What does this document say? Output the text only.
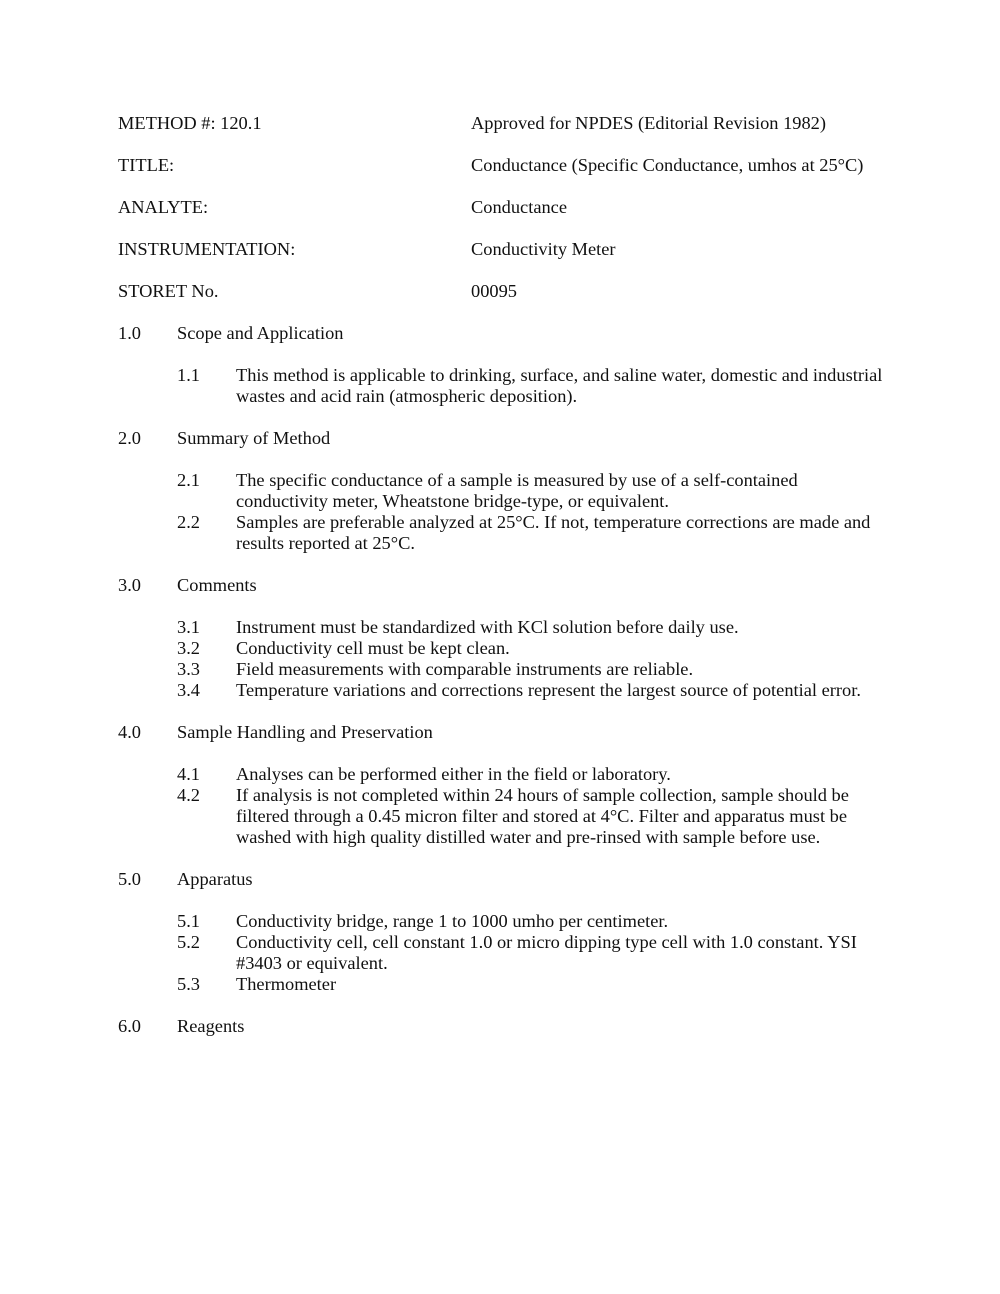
METHOD #: 120.1	Approved for NPDES (Editorial Revision 1982)
TITLE:	Conductance (Specific Conductance, umhos at 25°C)
ANALYTE:	Conductance
INSTRUMENTATION:	Conductivity Meter
STORET No.	00095
1.0	Scope and Application
1.1	This method is applicable to drinking, surface, and saline water, domestic and industrial wastes and acid rain (atmospheric deposition).
2.0	Summary of Method
2.1	The specific conductance of a sample is measured by use of a self-contained conductivity meter, Wheatstone bridge-type, or equivalent.
2.2	Samples are preferable analyzed at 25°C. If not, temperature corrections are made and results reported at 25°C.
3.0	Comments
3.1	Instrument must be standardized with KCl solution before daily use.
3.2	Conductivity cell must be kept clean.
3.3	Field measurements with comparable instruments are reliable.
3.4	Temperature variations and corrections represent the largest source of potential error.
4.0	Sample Handling and Preservation
4.1	Analyses can be performed either in the field or laboratory.
4.2	If analysis is not completed within 24 hours of sample collection, sample should be filtered through a 0.45 micron filter and stored at 4°C. Filter and apparatus must be washed with high quality distilled water and pre-rinsed with sample before use.
5.0	Apparatus
5.1	Conductivity bridge, range 1 to 1000 umho per centimeter.
5.2	Conductivity cell, cell constant 1.0 or micro dipping type cell with 1.0 constant. YSI #3403 or equivalent.
5.3	Thermometer
6.0	Reagents
